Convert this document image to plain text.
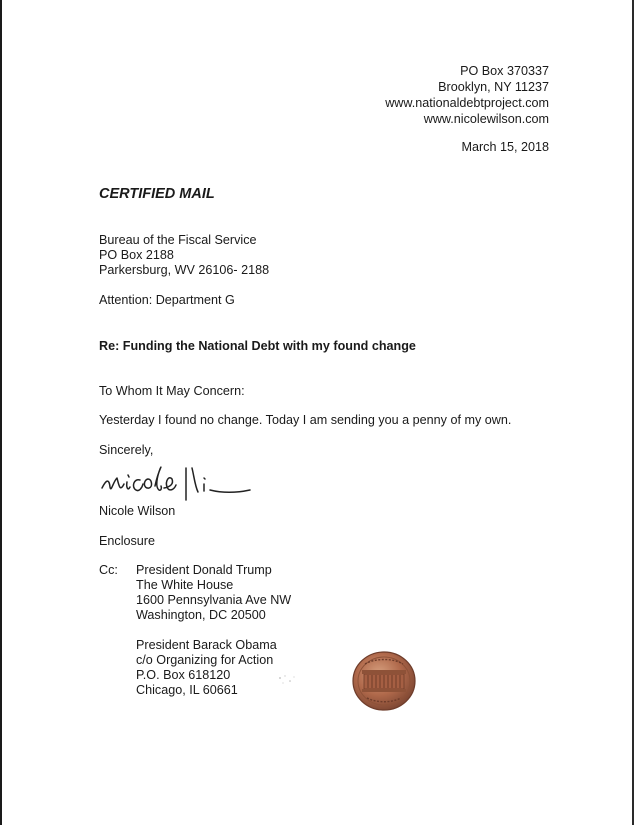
PO Box 370337
Brooklyn, NY 11237
www.nationaldebtproject.com
www.nicolewilson.com
March 15, 2018
CERTIFIED MAIL
Bureau of the Fiscal Service
PO Box 2188
Parkersburg, WV 26106- 2188
Attention: Department G
Re: Funding the National Debt with my found change
To Whom It May Concern:
Yesterday I found no change. Today I am sending you a penny of my own.
Sincerely,
Nicole Wilson
Enclosure
Cc: President Donald Trump
The White House
1600 Pennsylvania Ave NW
Washington, DC 20500
President Barack Obama
c/o Organizing for Action
P.O. Box 618120
Chicago, IL 60661
